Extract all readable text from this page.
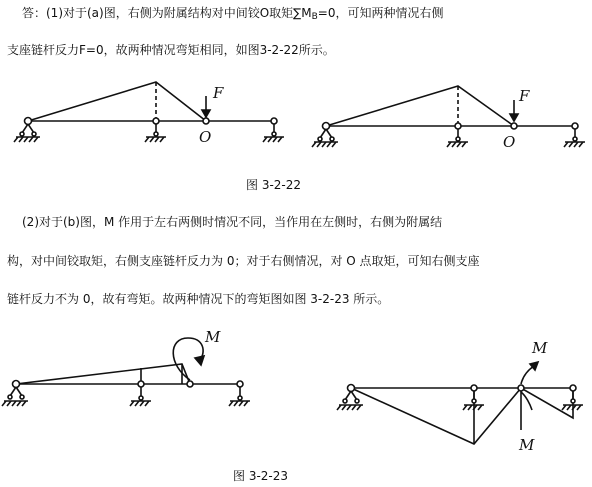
答：(1)对于(a)图，右侧为附属结构对中间铰O取矩$\sum M_B=0$，可知两种情况右侧
支座链杆反力F=0，故两种情况弯矩相同，如图3-2-22所示。
F
O
F
O
图 3-2-22
(2)对于(b)图，M 作用于左右两侧时情况不同，当作用在左侧时，右侧为附属结
构，对中间铰取矩，右侧支座链杆反力为 0；对于右侧情况，对 O 点取矩，可知右侧支座
链杆反力不为 0，故有弯矩。故两种情况下的弯矩图如图 3-2-23 所示。
M
M
M
图 3-2-23
